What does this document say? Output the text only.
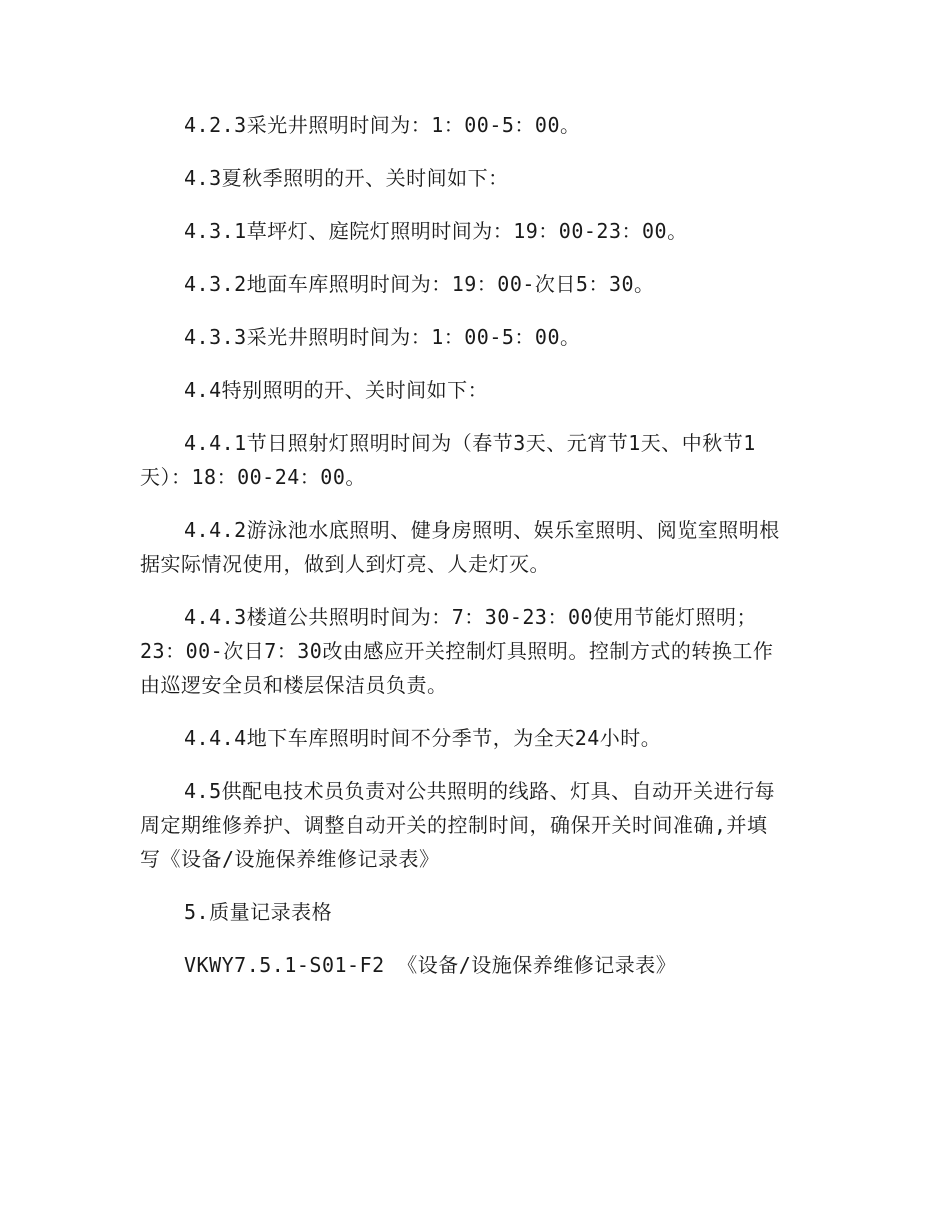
4.2.3采光井照明时间为：1：00-5：00。

4.3夏秋季照明的开、关时间如下：

4.3.1草坪灯、庭院灯照明时间为：19：00-23：00。

4.3.2地面车库照明时间为：19：00-次日5：30。

4.3.3采光井照明时间为：1：00-5：00。

4.4特别照明的开、关时间如下：

4.4.1节日照射灯照明时间为（春节3天、元宵节1天、中秋节1
天）：18：00-24：00。

4.4.2游泳池水底照明、健身房照明、娱乐室照明、阅览室照明根
据实际情况使用，做到人到灯亮、人走灯灭。

4.4.3楼道公共照明时间为：7：30-23：00使用节能灯照明；
23：00-次日7：30改由感应开关控制灯具照明。控制方式的转换工作
由巡逻安全员和楼层保洁员负责。

4.4.4地下车库照明时间不分季节，为全天24小时。

4.5供配电技术员负责对公共照明的线路、灯具、自动开关进行每
周定期维修养护、调整自动开关的控制时间，确保开关时间准确,并填
写《设备/设施保养维修记录表》

5.质量记录表格

VKWY7.5.1-S01-F2 《设备/设施保养维修记录表》
